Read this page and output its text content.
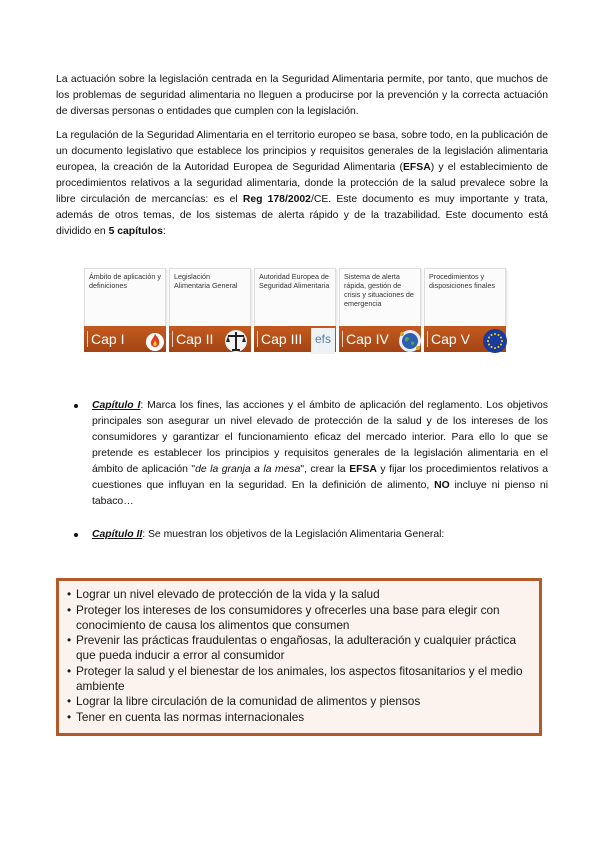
La actuación sobre la legislación centrada en la Seguridad Alimentaria permite, por tanto, que muchos de los problemas de seguridad alimentaria no lleguen a producirse por la prevención y la correcta actuación de diversas personas o entidades que cumplen con la legislación.

La regulación de la Seguridad Alimentaria en el territorio europeo se basa, sobre todo, en la publicación de un documento legislativo que establece los principios y requisitos generales de la legislación alimentaria europea, la creación de la Autoridad Europea de Seguridad Alimentaria (EFSA) y el establecimiento de procedimientos relativos a la seguridad alimentaria, donde la protección de la salud prevalece sobre la libre circulación de mercancías: es el Reg 178/2002/CE. Este documento es muy importante y trata, además de otros temas, de los sistemas de alerta rápido y de la trazabilidad. Este documento está dividido en 5 capítulos:

Ámbito de aplicación y definiciones
Cap I
Legislación Alimentaria General
Cap II
Autoridad Europea de Seguridad Alimentaria
Cap III	efs
Sistema de alerta rápida, gestión de crisis y situaciones de emergencia
Cap IV
Procedimientos y disposiciones finales
Cap V

Capítulo I: Marca los fines, las acciones y el ámbito de aplicación del reglamento. Los objetivos principales son asegurar un nivel elevado de protección de la salud y de los intereses de los consumidores y garantizar el funcionamiento eficaz del mercado interior. Para ello lo que se pretende es establecer los principios y requisitos generales de la legislación alimentaria en el ámbito de aplicación "de la granja a la mesa", crear la EFSA y fijar los procedimientos relativos a cuestiones que influyan en la seguridad. En la definición de alimento, NO incluye ni pienso ni tabaco…

Capítulo II: Se muestran los objetivos de la Legislación Alimentaria General:

• Lograr un nivel elevado de protección de la vida y la salud
• Proteger los intereses de los consumidores y ofrecerles una base para elegir con conocimiento de causa los alimentos que consumen
• Prevenir las prácticas fraudulentas o engañosas, la adulteración y cualquier práctica que pueda inducir a error al consumidor
• Proteger la salud y el bienestar de los animales, los aspectos fitosanitarios y el medio ambiente
• Lograr la libre circulación de la comunidad de alimentos y piensos
• Tener en cuenta las normas internacionales
